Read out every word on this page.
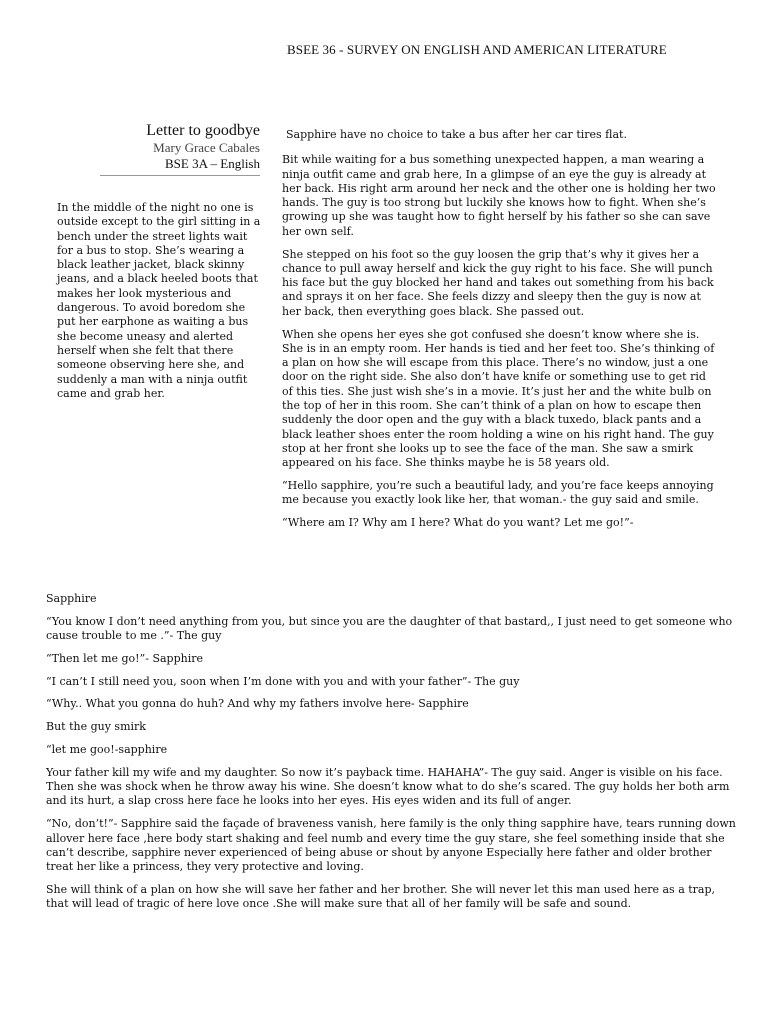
BSEE 36 - SURVEY ON ENGLISH AND AMERICAN LITERATURE
Letter to goodbye
Mary Grace Cabales
BSE 3A – English
In the middle of the night no one is outside except to the girl sitting in a bench under the street lights wait for a bus to stop. She’s wearing a black leather jacket, black skinny jeans, and a black heeled boots that makes her look mysterious and dangerous. To avoid boredom she put her earphone as waiting a bus she become uneasy and alerted herself when she felt that there someone observing here she, and suddenly a man with a ninja outfit came and grab her.

Sapphire have no choice to take a bus after her car tires flat.

Bit while waiting for a bus something unexpected happen, a man wearing a ninja outfit came and grab here, In a glimpse of an eye the guy is already at her back. His right arm around her neck and the other one is holding her two hands. The guy is too strong but luckily she knows how to fight. When she’s growing up she was taught how to fight herself by his father so she can save her own self.

She stepped on his foot so the guy loosen the grip that’s why it gives her a chance to pull away herself and kick the guy right to his face. She will punch his face but the guy blocked her hand and takes out something from his back and sprays it on her face. She feels dizzy and sleepy then the guy is now at her back, then everything goes black. She passed out.

When she opens her eyes she got confused she doesn’t know where she is. She is in an empty room. Her hands is tied and her feet too. She’s thinking of a plan on how she will escape from this place. There’s no window, just a one door on the right side. She also don’t have knife or something use to get rid of this ties. She just wish she’s in a movie. It’s just her and the white bulb on the top of her in this room. She can’t think of a plan on how to escape then suddenly the door open and the guy with a black tuxedo, black pants and a black leather shoes enter the room holding a wine on his right hand. The guy stop at her front she looks up to see the face of the man. She saw a smirk appeared on his face. She thinks maybe he is 58 years old.

“Hello sapphire, you’re such a beautiful lady, and you’re face keeps annoying me because you exactly look like her, that woman.- the guy said and smile.

“Where am I? Why am I here? What do you want? Let me go!”-

Sapphire

“You know I don’t need anything from you, but since you are the daughter of that bastard,, I just need to get someone who cause trouble to me .”- The guy

“Then let me go!”- Sapphire

“I can’t I still need you, soon when I’m done with you and with your father”- The guy

“Why.. What you gonna do huh? And why my fathers involve here- Sapphire

But the guy smirk

“let me goo!-sapphire

Your father kill my wife and my daughter. So now it’s payback time. HAHAHA”- The guy said. Anger is visible on his face. Then she was shock when he throw away his wine. She doesn’t know what to do she’s scared. The guy holds her both arm and its hurt, a slap cross here face he looks into her eyes. His eyes widen and its full of anger.

“No, don’t!”- Sapphire said the façade of braveness vanish, here family is the only thing sapphire have, tears running down allover here face ,here body start shaking and feel numb and every time the guy stare, she feel something inside that she can’t describe, sapphire never experienced of being abuse or shout by anyone Especially here father and older brother treat her like a princess, they very protective and loving.

She will think of a plan on how she will save her father and her brother. She will never let this man used here as a trap, that will lead of tragic of here love once .She will make sure that all of her family will be safe and sound.
